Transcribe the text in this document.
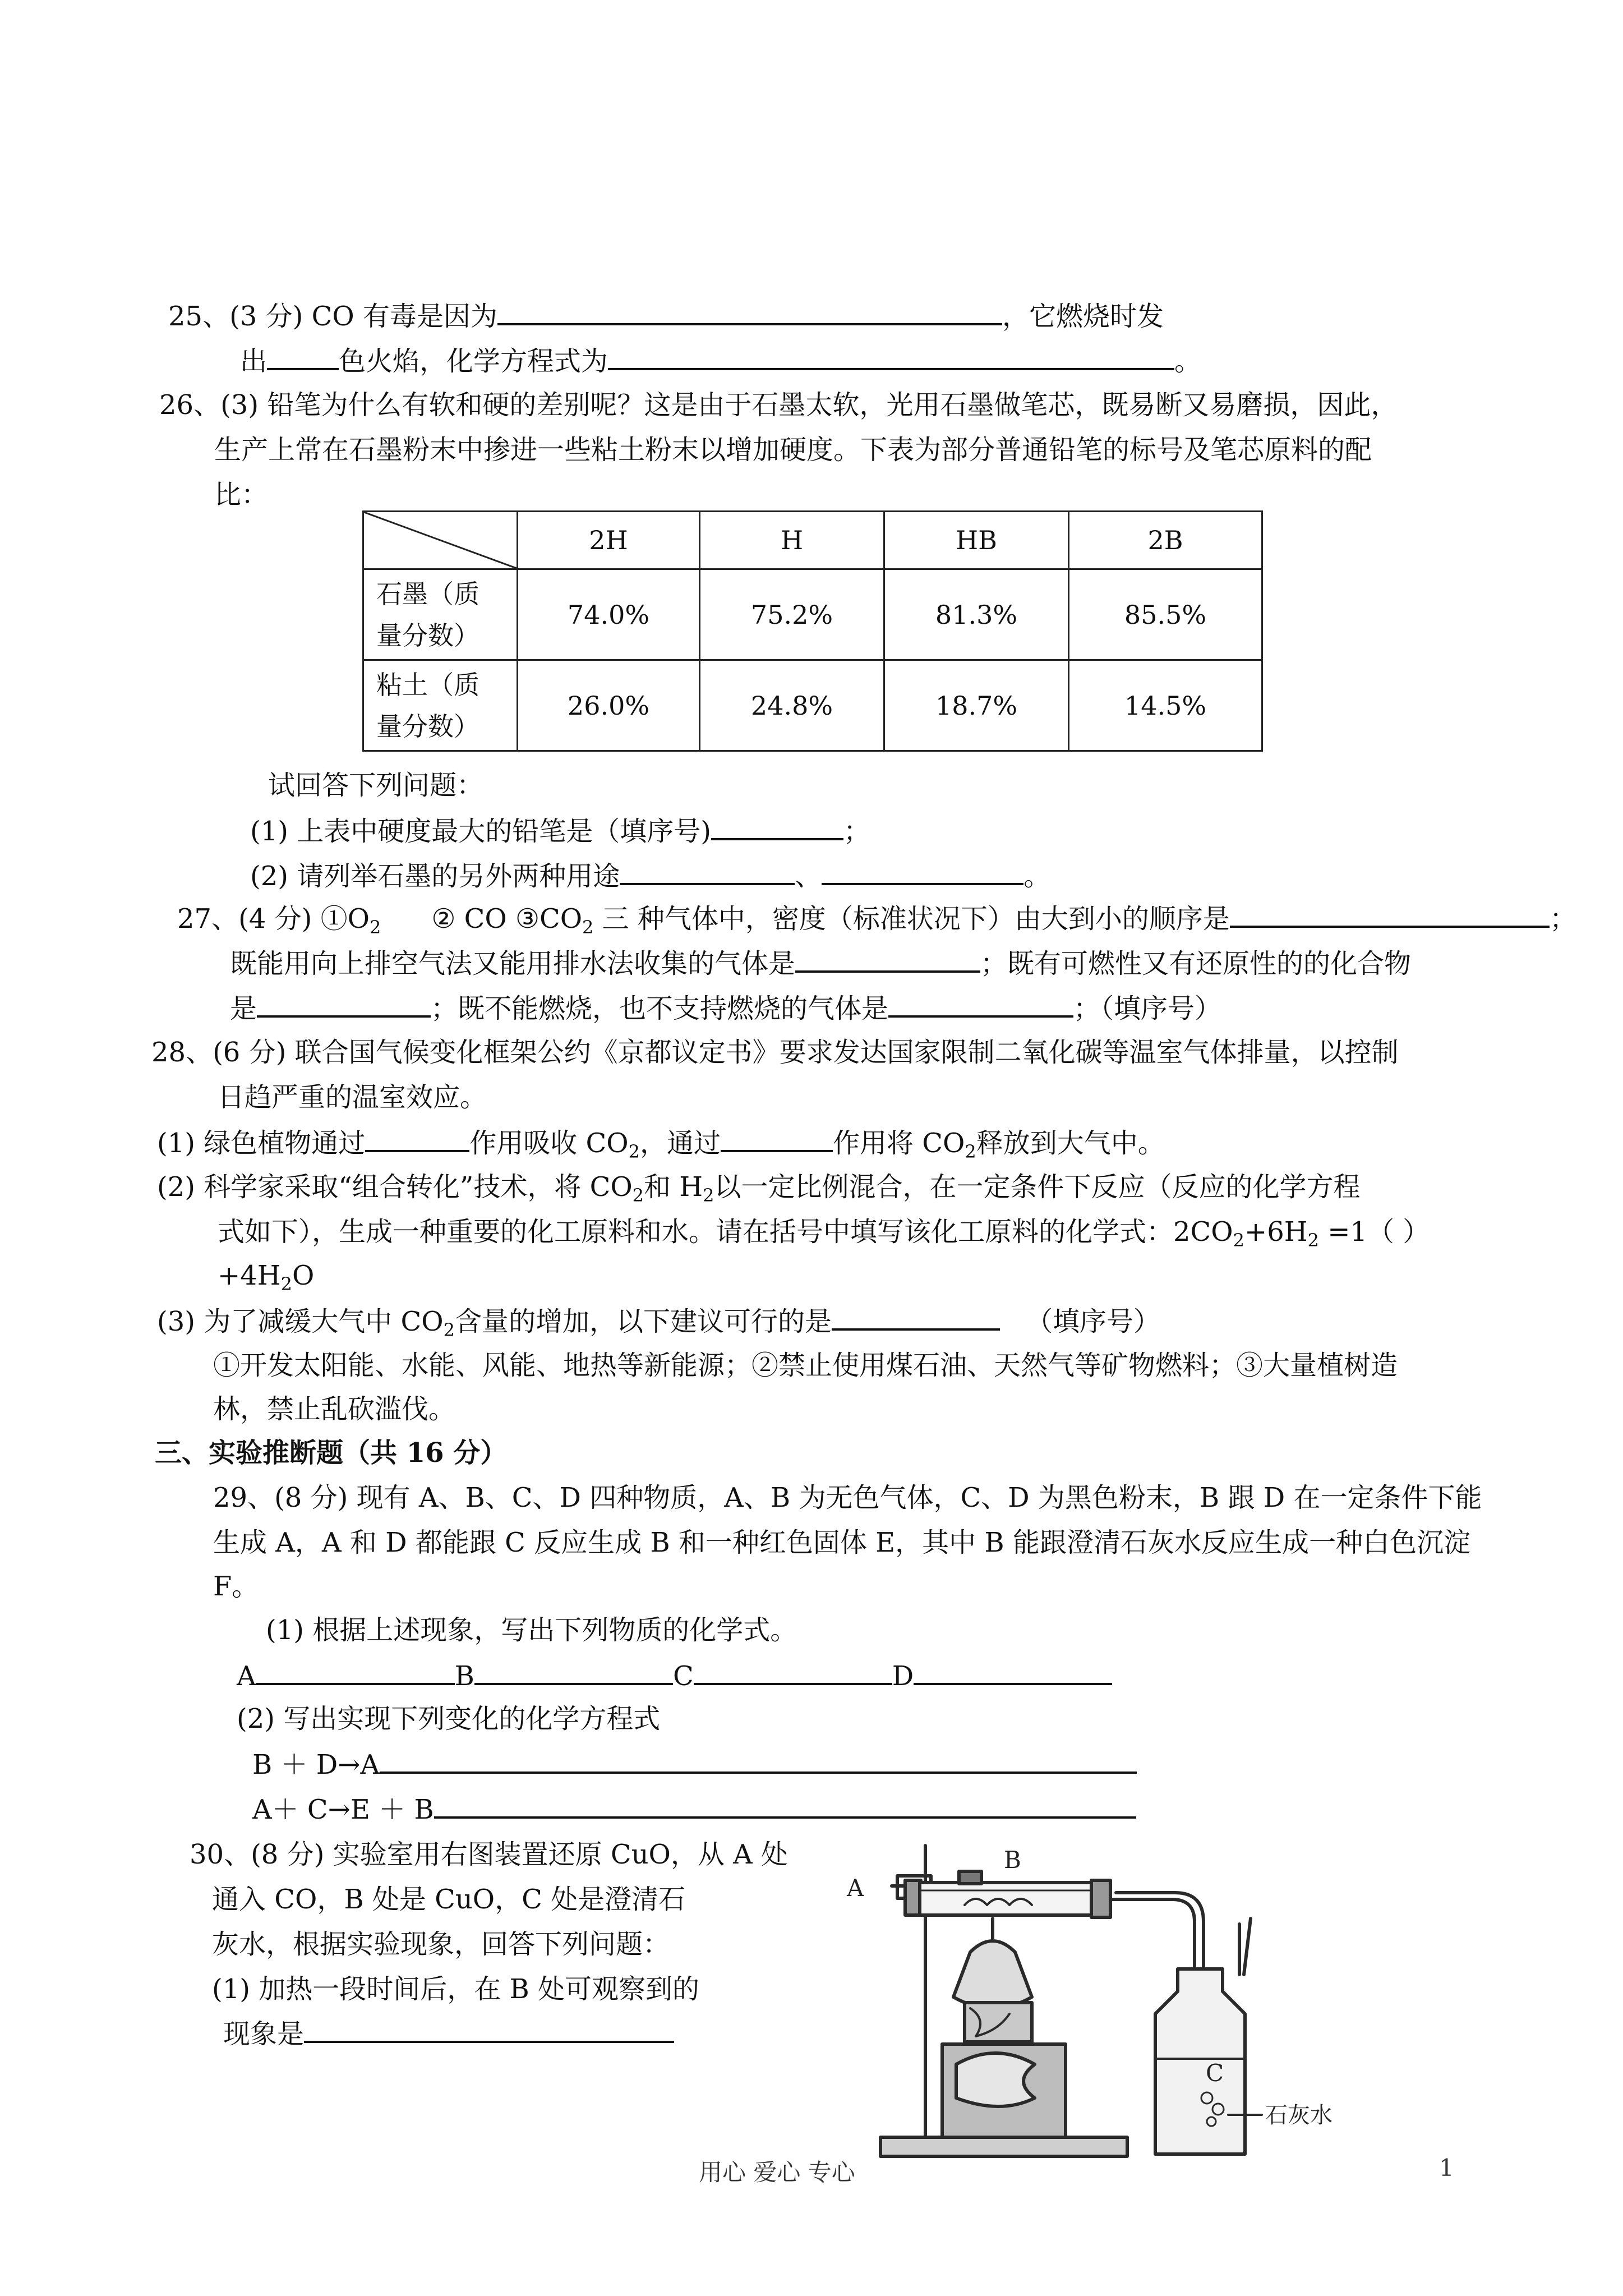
25、(3 分) CO 有毒是因为	，它燃烧时发
出	色火焰，化学方程式为	。
26、(3) 铅笔为什么有软和硬的差别呢？这是由于石墨太软，光用石墨做笔芯，既易断又易磨损，因此，
生产上常在石墨粉末中掺进一些粘土粉末以增加硬度。下表为部分普通铅笔的标号及笔芯原料的配
比：
	2H	H	HB	2B

石墨（质
量分数）	74.0%	75.2%	81.3%	85.5%

粘土（质
量分数）	26.0%	24.8%	18.7%	14.5%
试回答下列问题：
(1) 上表中硬度最大的铅笔是（填序号)	；
(2) 请列举石墨的另外两种用途	、	。
27、(4 分) $①O_2$ ② CO $③CO_2$ 三 种气体中，密度（标准状况下）由大到小的顺序是	；
既能用向上排空气法又能用排水法收集的气体是	；既有可燃性又有还原性的的化合物
是	；既不能燃烧，也不支持燃烧的气体是	；（填序号）
28、(6 分) 联合国气候变化框架公约《京都议定书》要求发达国家限制二氧化碳等温室气体排量，以控制
日趋严重的温室效应。
(1) 绿色植物通过	作用吸收 $CO_2$，通过	作用将 $CO_2$释放到大气中。
(2) 科学家采取“组合转化”技术，将 $CO_2$和 $H_2$以一定比例混合，在一定条件下反应（反应的化学方程
式如下），生成一种重要的化工原料和水。请在括号中填写该化工原料的化学式：$2CO_2+6H_2 =1$（ ）
$+4H_2O$
(3) 为了减缓大气中 $CO_2$含量的增加，以下建议可行的是	（填序号）
①开发太阳能、水能、风能、地热等新能源；②禁止使用煤石油、天然气等矿物燃料；③大量植树造
林，禁止乱砍滥伐。
三、实验推断题（共 16 分）
29、(8 分) 现有 A、B、C、D 四种物质，A、B 为无色气体，C、D 为黑色粉末，B 跟 D 在一定条件下能
生成 A，A 和 D 都能跟 C 反应生成 B 和一种红色固体 E，其中 B 能跟澄清石灰水反应生成一种白色沉淀
F。
(1) 根据上述现象，写出下列物质的化学式。
A	B	C	D
(2) 写出实现下列变化的化学方程式
B ＋ D→A
A＋ C→E ＋ B
30、(8 分) 实验室用右图装置还原 CuO，从 A 处
通入 CO，B 处是 CuO，C 处是澄清石
灰水，根据实验现象，回答下列问题：
(1) 加热一段时间后，在 B 处可观察到的
现象是
A
B
C
石灰水
用心 爱心 专心	1
